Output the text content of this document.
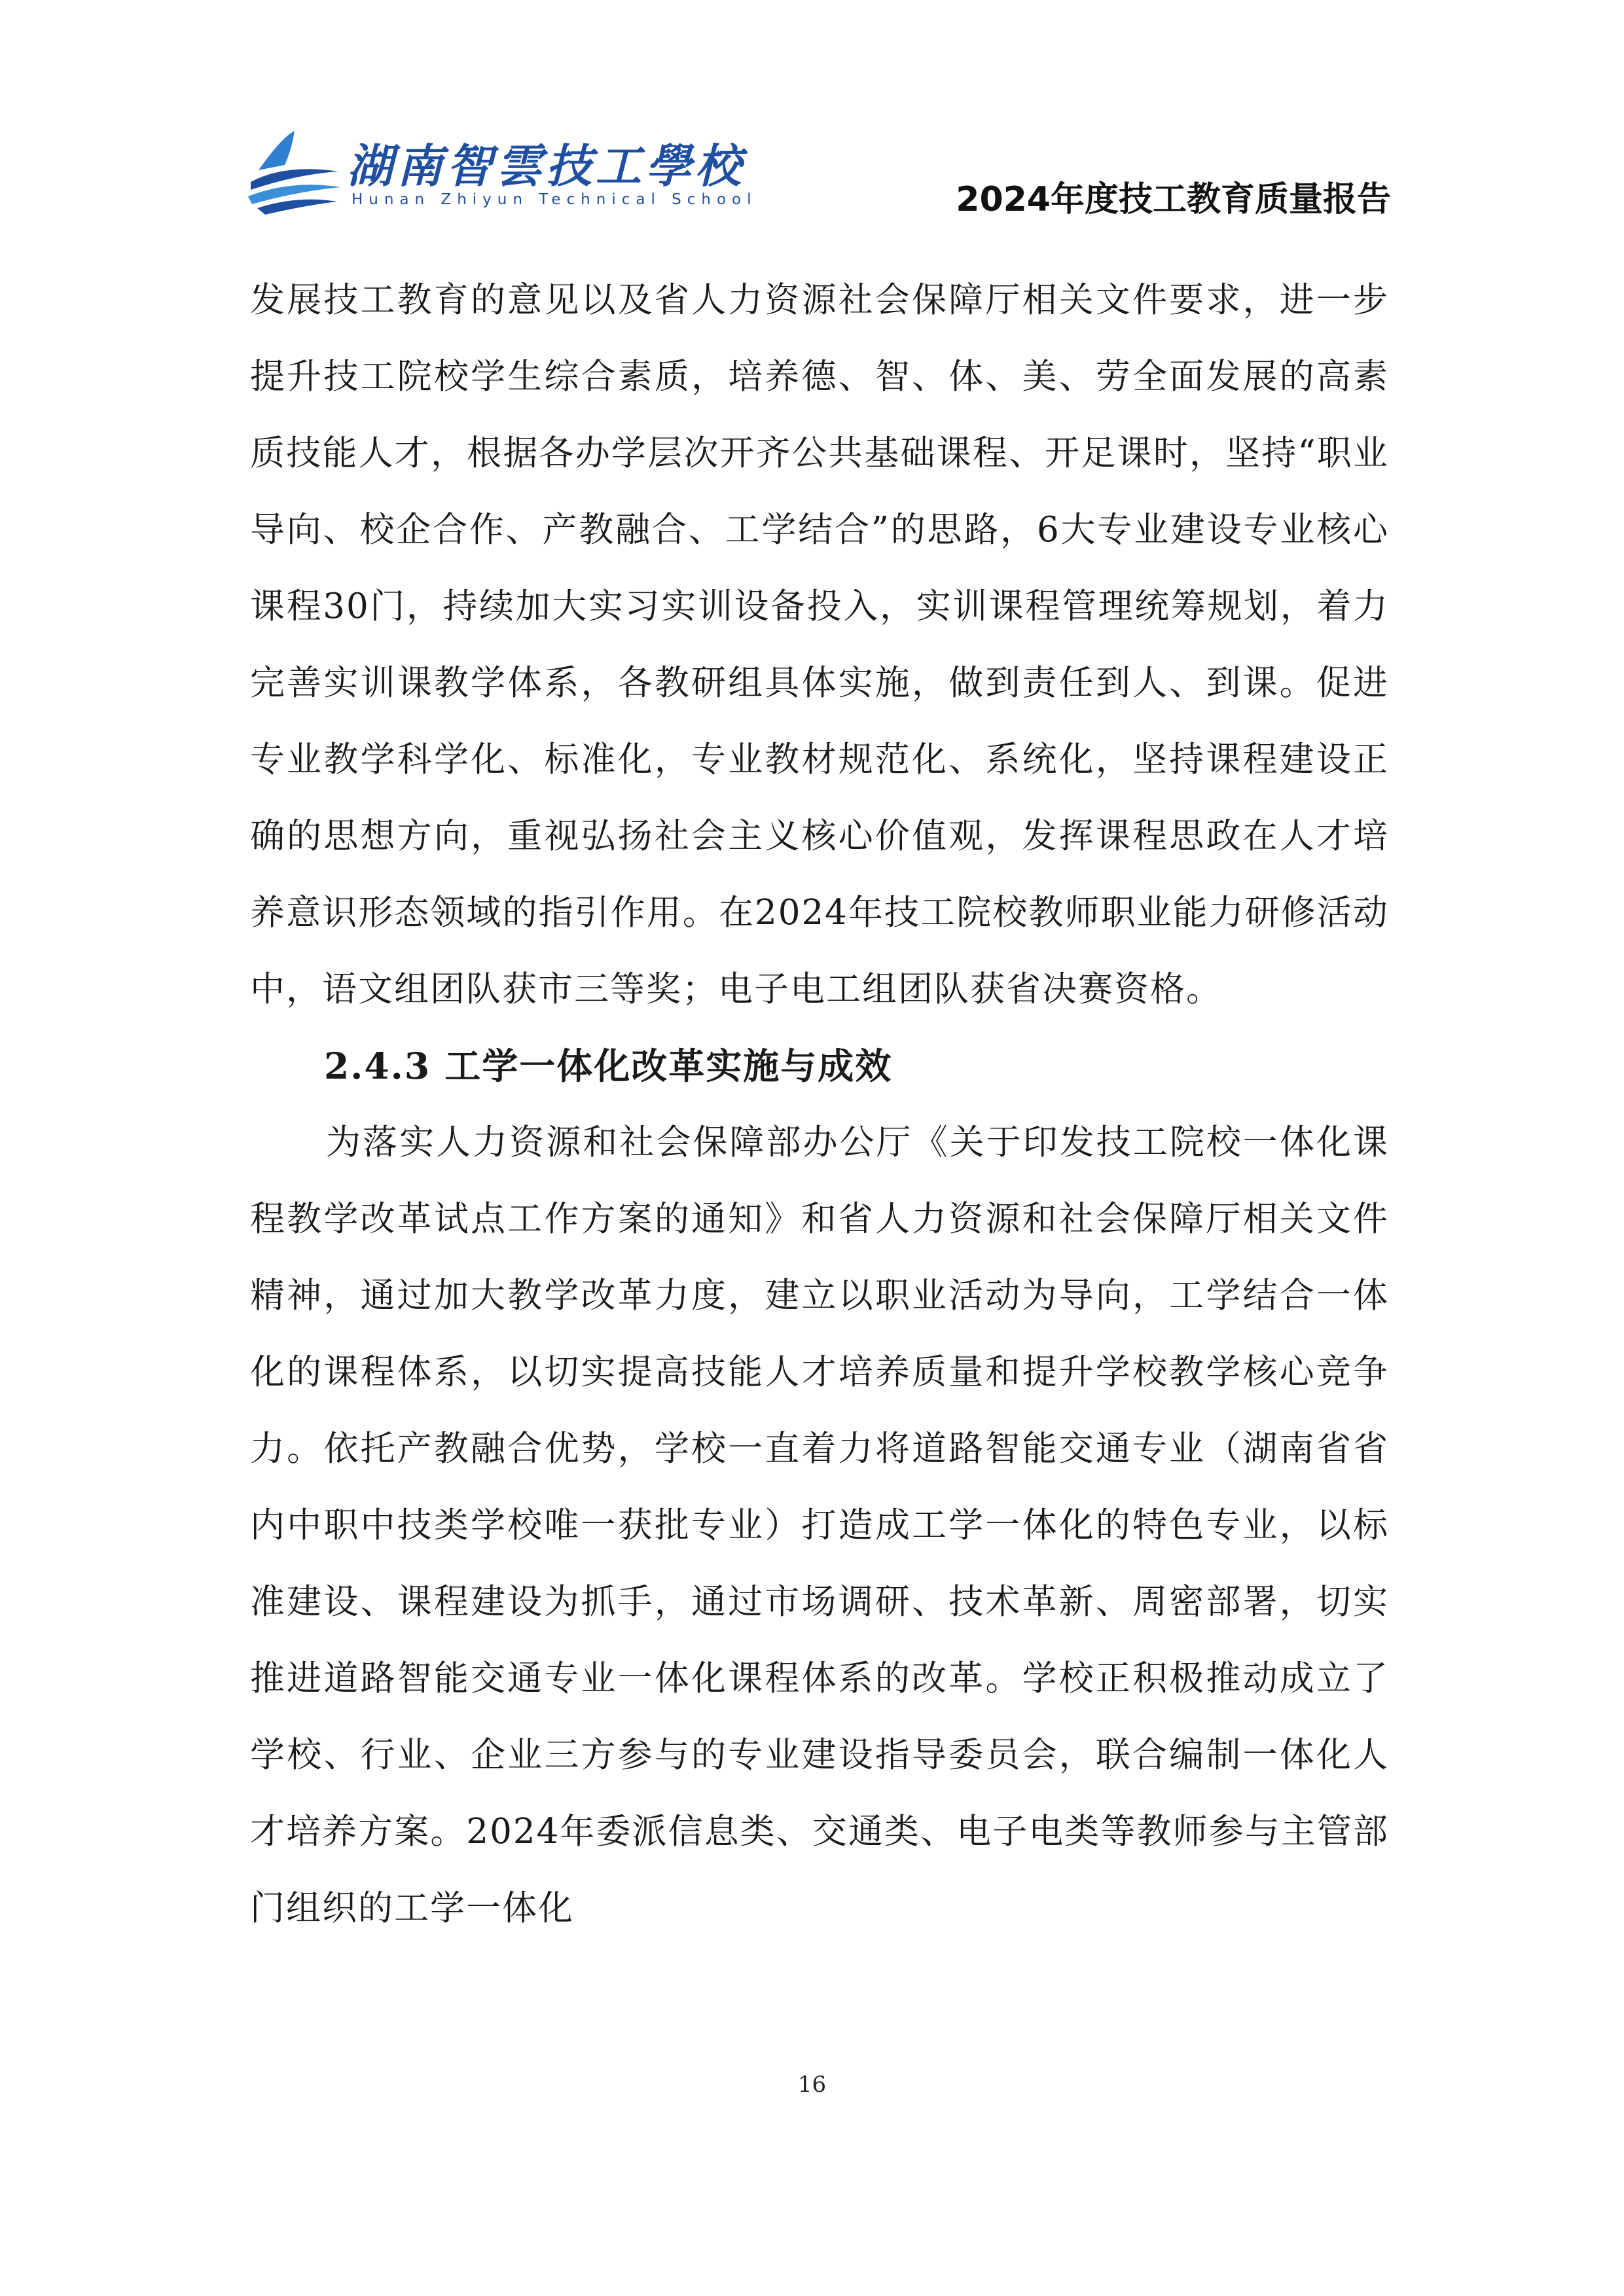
湖南智雲技工學校
Hunan Zhiyun Technical School	2024年度技工教育质量报告

发展技工教育的意见以及省人力资源社会保障厅相关文件要求，进一步提升技工院校学生综合素质，培养德、智、体、美、劳全面发展的高素质技能人才，根据各办学层次开齐公共基础课程、开足课时，坚持“职业导向、校企合作、产教融合、工学结合”的思路，6大专业建设专业核心课程30门，持续加大实习实训设备投入，实训课程管理统筹规划，着力完善实训课教学体系，各教研组具体实施，做到责任到人、到课。促进专业教学科学化、标准化，专业教材规范化、系统化，坚持课程建设正确的思想方向，重视弘扬社会主义核心价值观，发挥课程思政在人才培养意识形态领域的指引作用。在2024年技工院校教师职业能力研修活动中，语文组团队获市三等奖；电子电工组团队获省决赛资格。

2.4.3 工学一体化改革实施与成效

为落实人力资源和社会保障部办公厅《关于印发技工院校一体化课程教学改革试点工作方案的通知》和省人力资源和社会保障厅相关文件精神，通过加大教学改革力度，建立以职业活动为导向，工学结合一体化的课程体系，以切实提高技能人才培养质量和提升学校教学核心竞争力。依托产教融合优势，学校一直着力将道路智能交通专业（湖南省省内中职中技类学校唯一获批专业）打造成工学一体化的特色专业，以标准建设、课程建设为抓手，通过市场调研、技术革新、周密部署，切实推进道路智能交通专业一体化课程体系的改革。学校正积极推动成立了学校、行业、企业三方参与的专业建设指导委员会，联合编制一体化人才培养方案。2024年委派信息类、交通类、电子电类等教师参与主管部门组织的工学一体化

16
